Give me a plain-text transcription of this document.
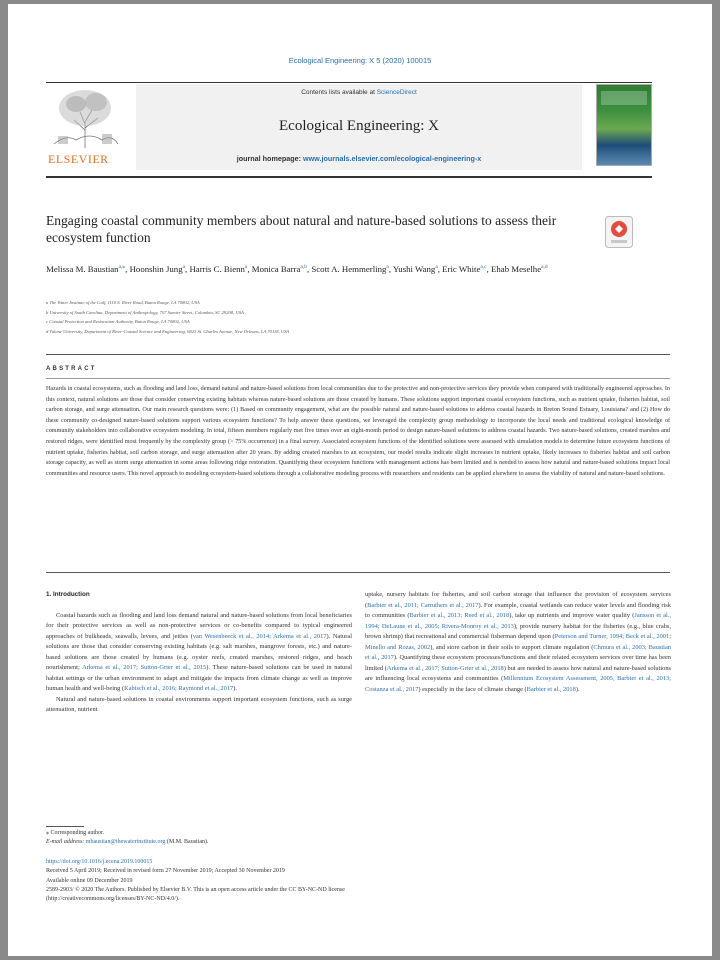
Ecological Engineering: X 5 (2020) 100015
ELSEVIER
Contents lists available at ScienceDirect
Ecological Engineering: X
journal homepage: www.journals.elsevier.com/ecological-engineering-x
Engaging coastal community members about natural and nature-based solutions to assess their ecosystem function
Melissa M. Baustian$^{a,⁎}$, Hoonshin Jung$^a$, Harris C. Bienn$^a$, Monica Barra$^{a,b}$, Scott A. Hemmerling$^a$, Yushi Wang$^a$, Eric White$^{a,c}$, Ehab Meselhe$^{a,d}$
a The Water Institute of the Gulf, 1110 S. River Road, Baton Rouge, LA 70802, USA
b University of South Carolina, Department of Anthropology, 707 Sumter Street, Columbia, SC 29208, USA
c Coastal Protection and Restoration Authority, Baton Rouge, LA 70802, USA
d Tulane University, Department of River-Coastal Science and Engineering, 6823 St. Charles Avenue, New Orleans, LA 70118, USA
ABSTRACT
Hazards in coastal ecosystems, such as flooding and land loss, demand natural and nature-based solutions from local communities due to the protective and non-protective services they provide when compared with traditionally engineered approaches. In this context, natural solutions are those that consider conserving existing habitats whereas nature-based solutions are those created by humans. These solutions support important coastal ecosystem functions, such as nutrient uptake, fisheries habitat, soil carbon storage, and surge attenuation. Our main research questions were: (1) Based on community engagement, what are the possible natural and nature-based solutions to address coastal hazards in Breton Sound Estuary, Louisiana? and (2) How do these community co-designed nature-based solutions support various ecosystem functions? To help answer these questions, we leveraged the complexity group methodology to incorporate the local needs and traditional ecological knowledge of community stakeholders into collaborative ecosystem modeling. In total, fifteen members regularly met five times over an eight-month period to design nature-based solutions to address coastal hazards. Two nature-based solutions, created marshes and restored ridges, were identified most frequently by the complexity group (> 75% occurrence) in a final survey. Associated ecosystem functions of the identified solutions were assessed with simulation models to determine future ecosystem functions of nutrient uptake, fisheries habitat, soil carbon storage, and surge attenuation after 20 years. By adding created marshes to an ecosystem, our model results indicate slight increases in nutrient uptake, likely increases to fisheries habitat and soil carbon storage capacity, as well as storm surge attenuation in some areas following ridge restoration. Quantifying these ecosystem functions with management actions has been limited and is needed to assess how natural and nature-based solutions impact local communities and resource users. This novel approach to modeling ecosystem-based solutions through a collaborative modeling process with researchers and residents can be applied elsewhere to assess the viability of natural and nature-based solutions.
1. Introduction

Coastal hazards such as flooding and land loss demand natural and nature-based solutions from local beneficiaries for their protective services as well as non-protective services or co-benefits compared to typical engineered approaches of bulkheads, seawalls, levees, and jetties (van Wesenbeeck et al., 2014; Arkema et al., 2017). Natural solutions are those that consider conserving existing habitats (e.g. salt marshes, mangrove forests, etc.) and nature-based solutions are those created by humans (e.g. oyster reefs, created marshes, restored ridges, and beach nourishment; Arkema et al., 2017; Sutton-Grier et al., 2015). These nature-based solutions can be used in natural habitat settings or the urban environment to adapt and mitigate the impacts from climate change as well as improve human health and well-being (Kabisch et al., 2016; Raymond et al., 2017).

Natural and nature-based solutions in coastal environments support important ecosystem functions, such as surge attenuation, nutrient

uptake, nursery habitats for fisheries, and soil carbon storage that influence the provision of ecosystem services (Barbier et al., 2011; Carruthers et al., 2017). For example, coastal wetlands can reduce water levels and flooding risk to communities (Barbier et al., 2013; Reed et al., 2018), take up nutrients and improve water quality (Jansson et al., 1994; DeLaune et al., 2005; Rivera-Monroy et al., 2013), provide nursery habitat for the fisheries (e.g., blue crabs, brown shrimp) that recreational and commercial fisherman depend upon (Peterson and Turner, 1994; Beck et al., 2001; Minello and Rozas, 2002), and store carbon in their soils to support climate regulation (Chmura et al., 2003; Baustian et al., 2017). Quantifying these ecosystem processes/functions and their related ecosystem services over time has been limited (Arkema et al., 2017; Sutton-Grier et al., 2018) but are needed to assess how natural and nature-based solutions are influencing local ecosystems and communities (Millennium Ecosystem Assessment, 2005, Barbier et al., 2013; Costanza et al., 2017) especially in the face of climate change (Barbier et al., 2018).

⁎ Corresponding author.
E-mail address: mbaustian@thewaterinstitute.org (M.M. Baustian).
https://doi.org/10.1016/j.ecena.2019.100015
Received 5 April 2019; Received in revised form 27 November 2019; Accepted 30 November 2019
Available online 09 December 2019
2589-2903/ © 2020 The Authors. Published by Elsevier B.V. This is an open access article under the CC BY-NC-ND license
(http://creativecommons.org/licenses/BY-NC-ND/4.0/).
